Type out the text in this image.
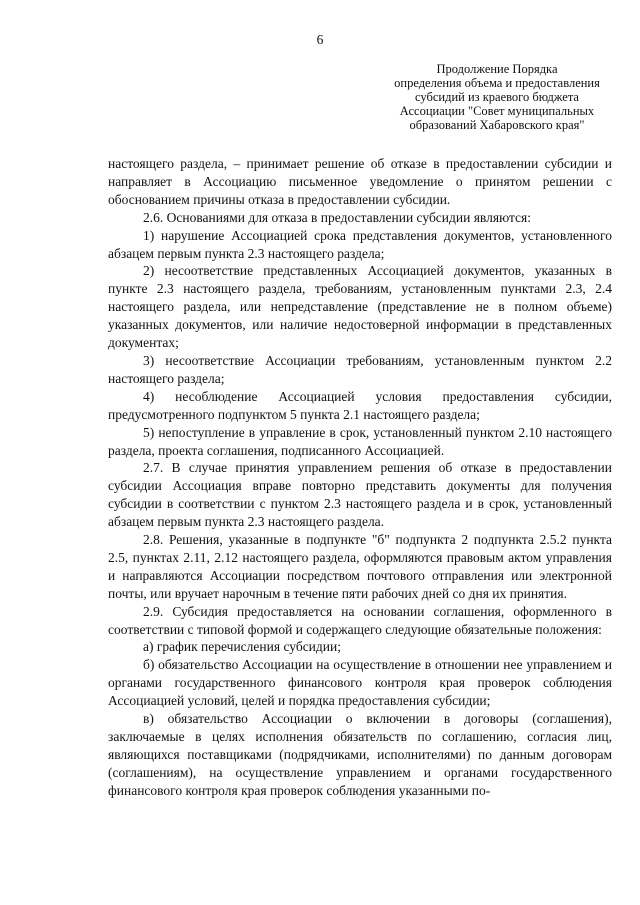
6
Продолжение Порядка
определения объема и предоставления
субсидий из краевого бюджета
Ассоциации "Совет муниципальных
образований Хабаровского края"

настоящего раздела, – принимает решение об отказе в предоставлении субсидии и направляет в Ассоциацию письменное уведомление о принятом решении с обоснованием причины отказа в предоставлении субсидии.

2.6. Основаниями для отказа в предоставлении субсидии являются:

1) нарушение Ассоциацией срока представления документов, установленного абзацем первым пункта 2.3 настоящего раздела;

2) несоответствие представленных Ассоциацией документов, указанных в пункте 2.3 настоящего раздела, требованиям, установленным пунктами 2.3, 2.4 настоящего раздела, или непредставление (представление не в полном объеме) указанных документов, или наличие недостоверной информации в представленных документах;

3) несоответствие Ассоциации требованиям, установленным пунктом 2.2 настоящего раздела;

4) несоблюдение Ассоциацией условия предоставления субсидии, предусмотренного подпунктом 5 пункта 2.1 настоящего раздела;

5) непоступление в управление в срок, установленный пунктом 2.10 настоящего раздела, проекта соглашения, подписанного Ассоциацией.

2.7. В случае принятия управлением решения об отказе в предоставлении субсидии Ассоциация вправе повторно представить документы для получения субсидии в соответствии с пунктом 2.3 настоящего раздела и в срок, установленный абзацем первым пункта 2.3 настоящего раздела.

2.8. Решения, указанные в подпункте "б" подпункта 2 подпункта 2.5.2 пункта 2.5, пунктах 2.11, 2.12 настоящего раздела, оформляются правовым актом управления и направляются Ассоциации посредством почтового отправления или электронной почты, или вручает нарочным в течение пяти рабочих дней со дня их принятия.

2.9. Субсидия предоставляется на основании соглашения, оформленного в соответствии с типовой формой и содержащего следующие обязательные положения:

а) график перечисления субсидии;

б) обязательство Ассоциации на осуществление в отношении нее управлением и органами государственного финансового контроля края проверок соблюдения Ассоциацией условий, целей и порядка предоставления субсидии;

в) обязательство Ассоциации о включении в договоры (соглашения), заключаемые в целях исполнения обязательств по соглашению, согласия лиц, являющихся поставщиками (подрядчиками, исполнителями) по данным договорам (соглашениям), на осуществление управлением и органами государственного финансового контроля края проверок соблюдения указанными по-
